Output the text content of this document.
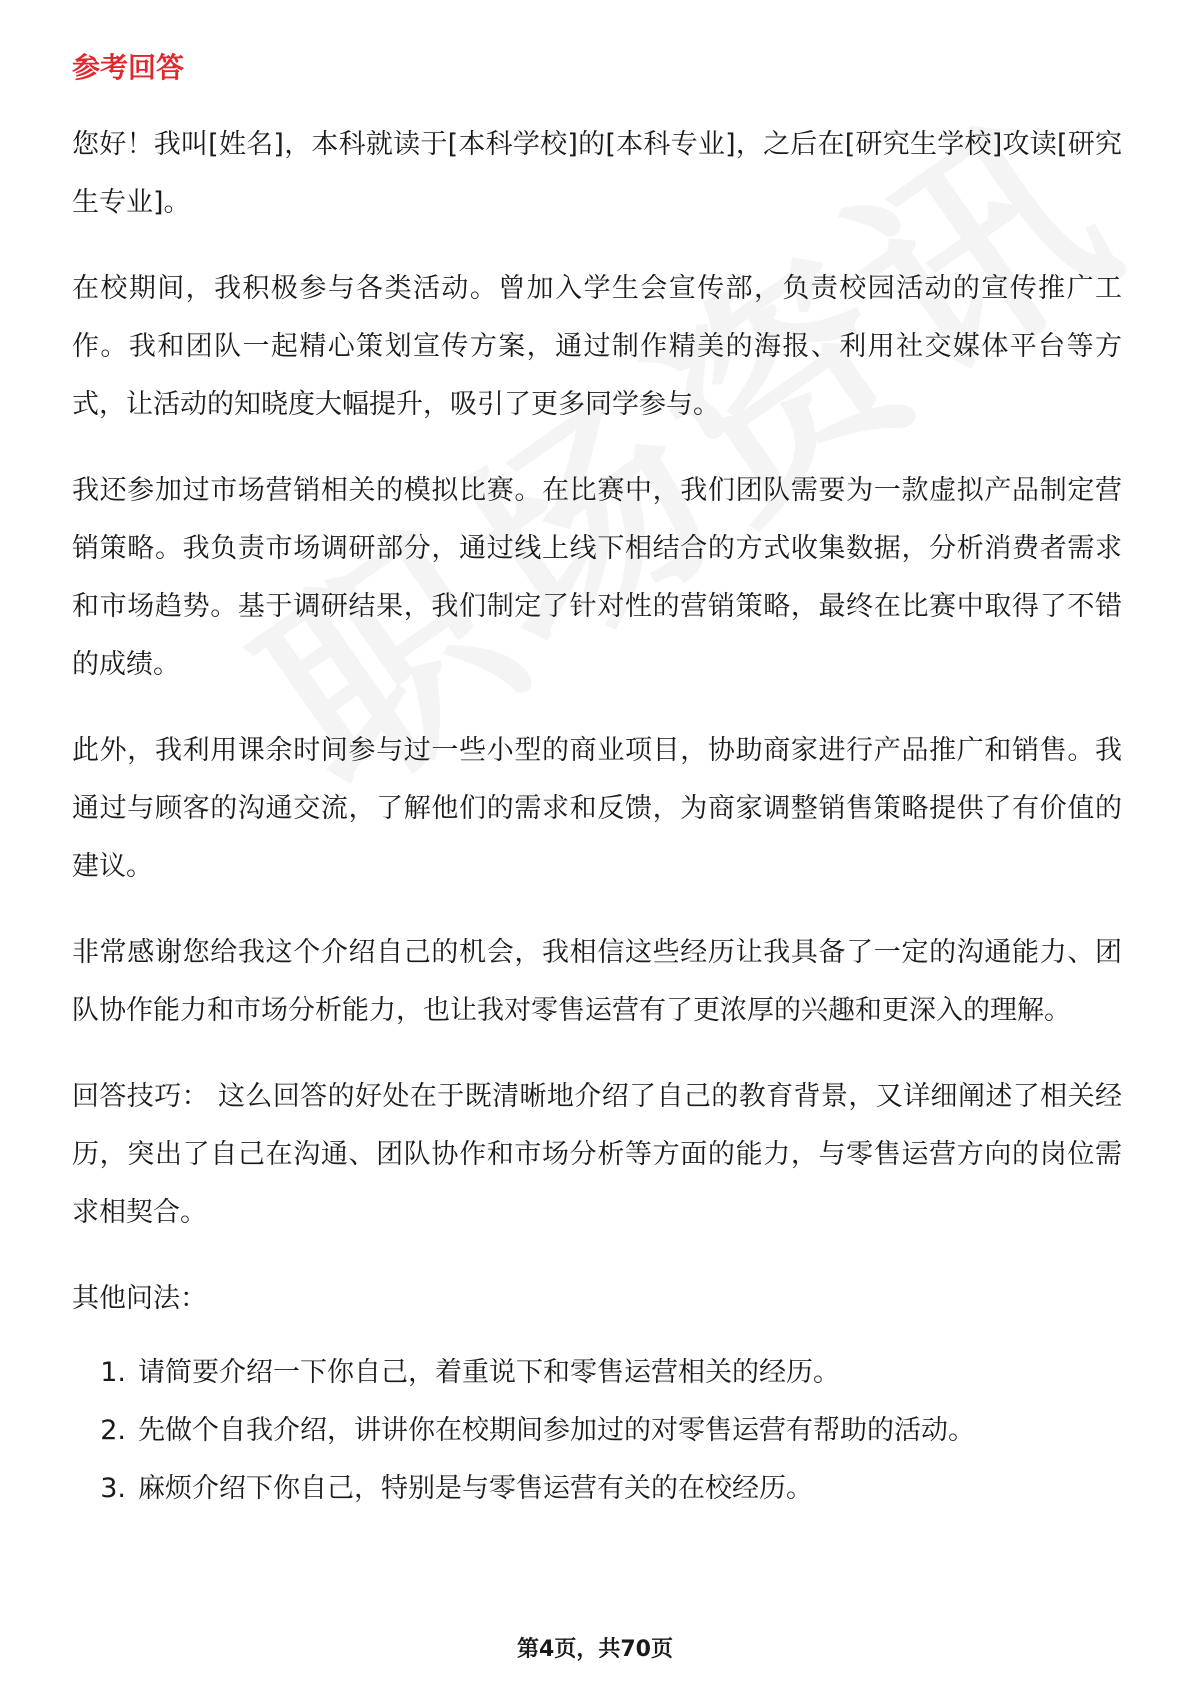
参考回答

您好！我叫[姓名]，本科就读于[本科学校]的[本科专业]，之后在[研究生学校]攻读[研究生专业]。

在校期间，我积极参与各类活动。曾加入学生会宣传部，负责校园活动的宣传推广工作。我和团队一起精心策划宣传方案，通过制作精美的海报、利用社交媒体平台等方式，让活动的知晓度大幅提升，吸引了更多同学参与。

我还参加过市场营销相关的模拟比赛。在比赛中，我们团队需要为一款虚拟产品制定营销策略。我负责市场调研部分，通过线上线下相结合的方式收集数据，分析消费者需求和市场趋势。基于调研结果，我们制定了针对性的营销策略，最终在比赛中取得了不错的成绩。

此外，我利用课余时间参与过一些小型的商业项目，协助商家进行产品推广和销售。我通过与顾客的沟通交流，了解他们的需求和反馈，为商家调整销售策略提供了有价值的建议。

非常感谢您给我这个介绍自己的机会，我相信这些经历让我具备了一定的沟通能力、团队协作能力和市场分析能力，也让我对零售运营有了更浓厚的兴趣和更深入的理解。

回答技巧： 这么回答的好处在于既清晰地介绍了自己的教育背景，又详细阐述了相关经历，突出了自己在沟通、团队协作和市场分析等方面的能力，与零售运营方向的岗位需求相契合。

其他问法：
1. 请简要介绍一下你自己，着重说下和零售运营相关的经历。
2. 先做个自我介绍，讲讲你在校期间参加过的对零售运营有帮助的活动。
3. 麻烦介绍下你自己，特别是与零售运营有关的在校经历。
第4页，共70页
